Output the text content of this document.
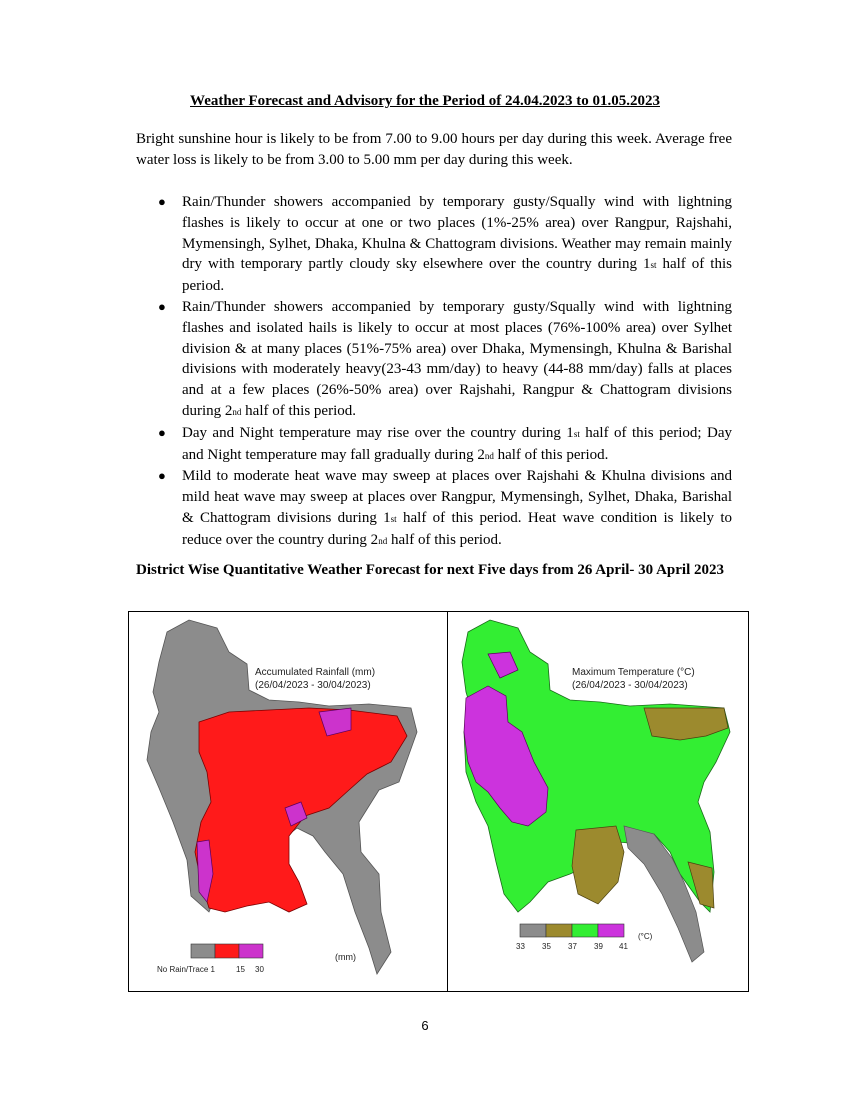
Weather Forecast and Advisory for the Period of 24.04.2023 to 01.05.2023
Bright sunshine hour is likely to be from 7.00 to 9.00 hours per day during this week. Average free water loss is likely to be from 3.00 to 5.00 mm per day during this week.
● Rain/Thunder showers accompanied by temporary gusty/Squally wind with lightning flashes is likely to occur at one or two places (1%-25% area) over Rangpur, Rajshahi, Mymensingh, Sylhet, Dhaka, Khulna & Chattogram divisions. Weather may remain mainly dry with temporary partly cloudy sky elsewhere over the country during 1st half of this period.
● Rain/Thunder showers accompanied by temporary gusty/Squally wind with lightning flashes and isolated hails is likely to occur at most places (76%-100% area) over Sylhet division & at many places (51%-75% area) over Dhaka, Mymensingh, Khulna & Barishal divisions with moderately heavy(23-43 mm/day) to heavy (44-88 mm/day) falls at places and at a few places (26%-50% area) over Rajshahi, Rangpur & Chattogram divisions during 2nd half of this period.
● Day and Night temperature may rise over the country during 1st half of this period; Day and Night temperature may fall gradually during 2nd half of this period.
● Mild to moderate heat wave may sweep at places over Rajshahi & Khulna divisions and mild heat wave may sweep at places over Rangpur, Mymensingh, Sylhet, Dhaka, Barishal & Chattogram divisions during 1st half of this period. Heat wave condition is likely to reduce over the country during 2nd half of this period.
District Wise Quantitative Weather Forecast for next Five days from 26 April- 30 April 2023
Accumulated Rainfall (mm)
(26/04/2023 - 30/04/2023)
No Rain/Trace 1	15 30
(mm)
Maximum Temperature (°C)
(26/04/2023 - 30/04/2023)
33 35 37 39 41
(°C)
6
